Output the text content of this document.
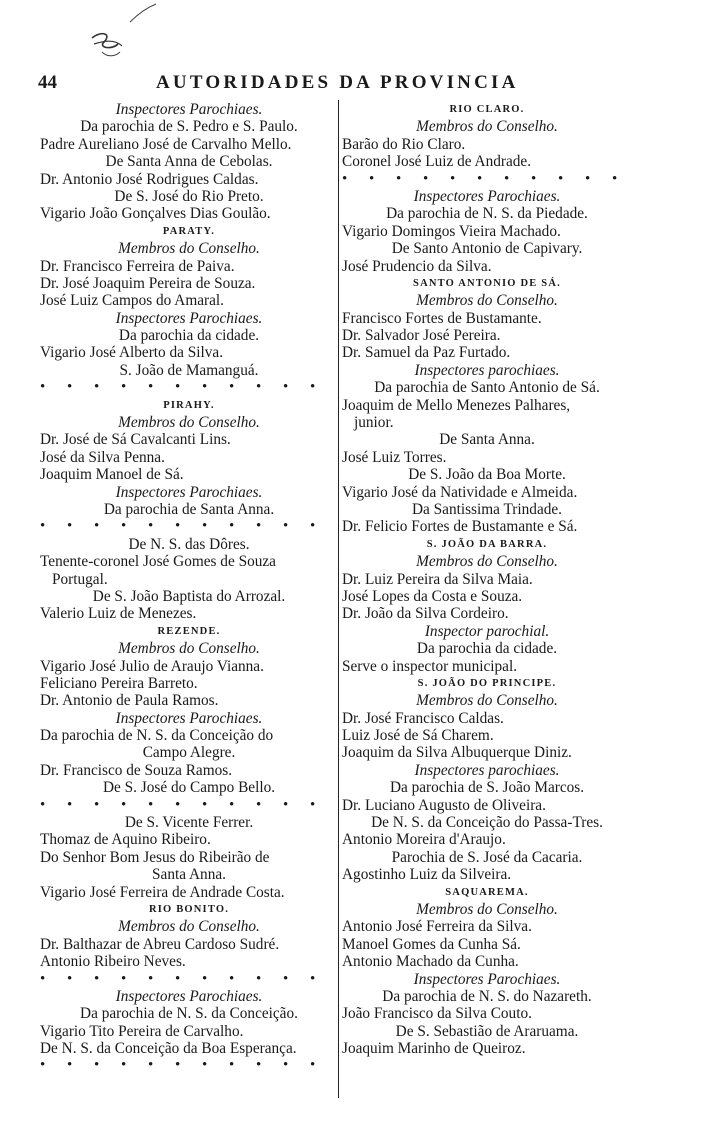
44	AUTORIDADES DA PROVINCIA
Inspectores Parochiaes.
Da parochia de S. Pedro e S. Paulo.
Padre Aureliano José de Carvalho Mello.
De Santa Anna de Cebolas.
Dr. Antonio José Rodrigues Caldas.
De S. José do Rio Preto.
Vigario João Gonçalves Dias Goulão.
PARATY.
Membros do Conselho.
Dr. Francisco Ferreira de Paiva.
Dr. José Joaquim Pereira de Souza.
José Luiz Campos do Amaral.
Inspectores Parochiaes.
Da parochia da cidade.
Vigario José Alberto da Silva.
S. João de Mamanguá.
• • • • • • • • • • •
PIRAHY.
Membros do Conselho.
Dr. José de Sá Cavalcanti Lins.
José da Silva Penna.
Joaquim Manoel de Sá.
Inspectores Parochiaes.
Da parochia de Santa Anna.
• • • • • • • • • • •
De N. S. das Dôres.
Tenente-coronel José Gomes de Souza
Portugal.
De S. João Baptista do Arrozal.
Valerio Luiz de Menezes.
REZENDE.
Membros do Conselho.
Vigario José Julio de Araujo Vianna.
Feliciano Pereira Barreto.
Dr. Antonio de Paula Ramos.
Inspectores Parochiaes.
Da parochia de N. S. da Conceição do
Campo Alegre.
Dr. Francisco de Souza Ramos.
De S. José do Campo Bello.
• • • • • • • • • • •
De S. Vicente Ferrer.
Thomaz de Aquino Ribeiro.
Do Senhor Bom Jesus do Ribeirão de
Santa Anna.
Vigario José Ferreira de Andrade Costa.
RIO BONITO.
Membros do Conselho.
Dr. Balthazar de Abreu Cardoso Sudré.
Antonio Ribeiro Neves.
• • • • • • • • • • •
Inspectores Parochiaes.
Da parochia de N. S. da Conceição.
Vigario Tito Pereira de Carvalho.
De N. S. da Conceição da Boa Esperança.
• • • • • • • • • • •
RIO CLARO.
Membros do Conselho.
Barão do Rio Claro.
Coronel José Luiz de Andrade.
• • • • • • • • • • •
Inspectores Parochiaes.
Da parochia de N. S. da Piedade.
Vigario Domingos Vieira Machado.
De Santo Antonio de Capivary.
José Prudencio da Silva.
SANTO ANTONIO DE SÁ.
Membros do Conselho.
Francisco Fortes de Bustamante.
Dr. Salvador José Pereira.
Dr. Samuel da Paz Furtado.
Inspectores parochiaes.
Da parochia de Santo Antonio de Sá.
Joaquim de Mello Menezes Palhares,
junior.
De Santa Anna.
José Luiz Torres.
De S. João da Boa Morte.
Vigario José da Natividade e Almeida.
Da Santissima Trindade.
Dr. Felicio Fortes de Bustamante e Sá.
S. JOÃO DA BARRA.
Membros do Conselho.
Dr. Luiz Pereira da Silva Maia.
José Lopes da Costa e Souza.
Dr. João da Silva Cordeiro.
Inspector parochial.
Da parochia da cidade.
Serve o inspector municipal.
S. JOÃO DO PRINCIPE.
Membros do Conselho.
Dr. José Francisco Caldas.
Luiz José de Sá Charem.
Joaquim da Silva Albuquerque Diniz.
Inspectores parochiaes.
Da parochia de S. João Marcos.
Dr. Luciano Augusto de Oliveira.
De N. S. da Conceição do Passa-Tres.
Antonio Moreira d'Araujo.
Parochia de S. José da Cacaria.
Agostinho Luiz da Silveira.
SAQUAREMA.
Membros do Conselho.
Antonio José Ferreira da Silva.
Manoel Gomes da Cunha Sá.
Antonio Machado da Cunha.
Inspectores Parochiaes.
Da parochia de N. S. do Nazareth.
João Francisco da Silva Couto.
De S. Sebastião de Araruama.
Joaquim Marinho de Queiroz.
